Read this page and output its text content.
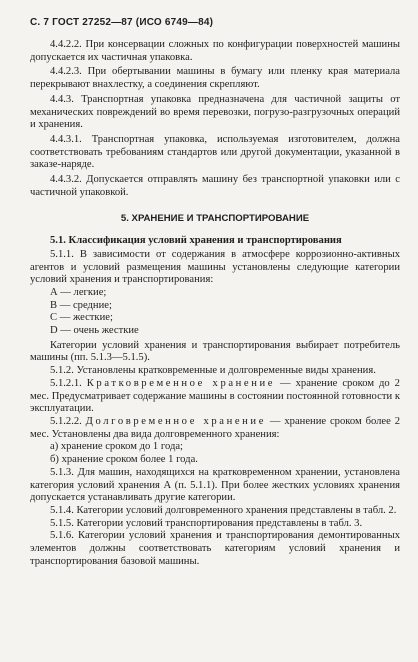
С. 7 ГОСТ 27252—87 (ИСО 6749—84)

4.4.2.2. При консервации сложных по конфигурации поверхностей машины допускается их частичная упаковка.

4.4.2.3. При обертывании машины в бумагу или пленку края материала перекрывают внахлестку, а соединения скрепляют.

4.4.3. Транспортная упаковка предназначена для частичной защиты от механических повреждений во время перевозки, погрузо-разгрузочных операций и хранения.

4.4.3.1. Транспортная упаковка, используемая изготовителем, должна соответствовать требованиям стандартов или другой документации, указанной в заказе-наряде.

4.4.3.2. Допускается отправлять машину без транспортной упаковки или с частичной упаковкой.

5. ХРАНЕНИЕ И ТРАНСПОРТИРОВАНИЕ

5.1. Классификация условий хранения и транспортирования

5.1.1. В зависимости от содержания в атмосфере коррозионно-активных агентов и условий размещения машины установлены следующие категории условий хранения и транспортирования:

А — легкие;
В — средние;
С — жесткие;
D — очень жесткие

Категории условий хранения и транспортирования выбирает потребитель машины (пп. 5.1.3—5.1.5).

5.1.2. Установлены кратковременные и долговременные виды хранения.

5.1.2.1. Кратковременное хранение — хранение сроком до 2 мес. Предусматривает содержание машины в состоянии постоянной готовности к эксплуатации.

5.1.2.2. Долговременное хранение — хранение сроком более 2 мес. Установлены два вида долговременного хранения:

а) хранение сроком до 1 года;
б) хранение сроком более 1 года.

5.1.3. Для машин, находящихся на кратковременном хранении, установлена категория условий хранения А (п. 5.1.1). При более жестких условиях хранения допускается устанавливать другие категории.

5.1.4. Категории условий долговременного хранения представлены в табл. 2.

5.1.5. Категории условий транспортирования представлены в табл. 3.

5.1.6. Категории условий хранения и транспортирования демонтированных элементов должны соответствовать категориям условий хранения и транспортирования базовой машины.
